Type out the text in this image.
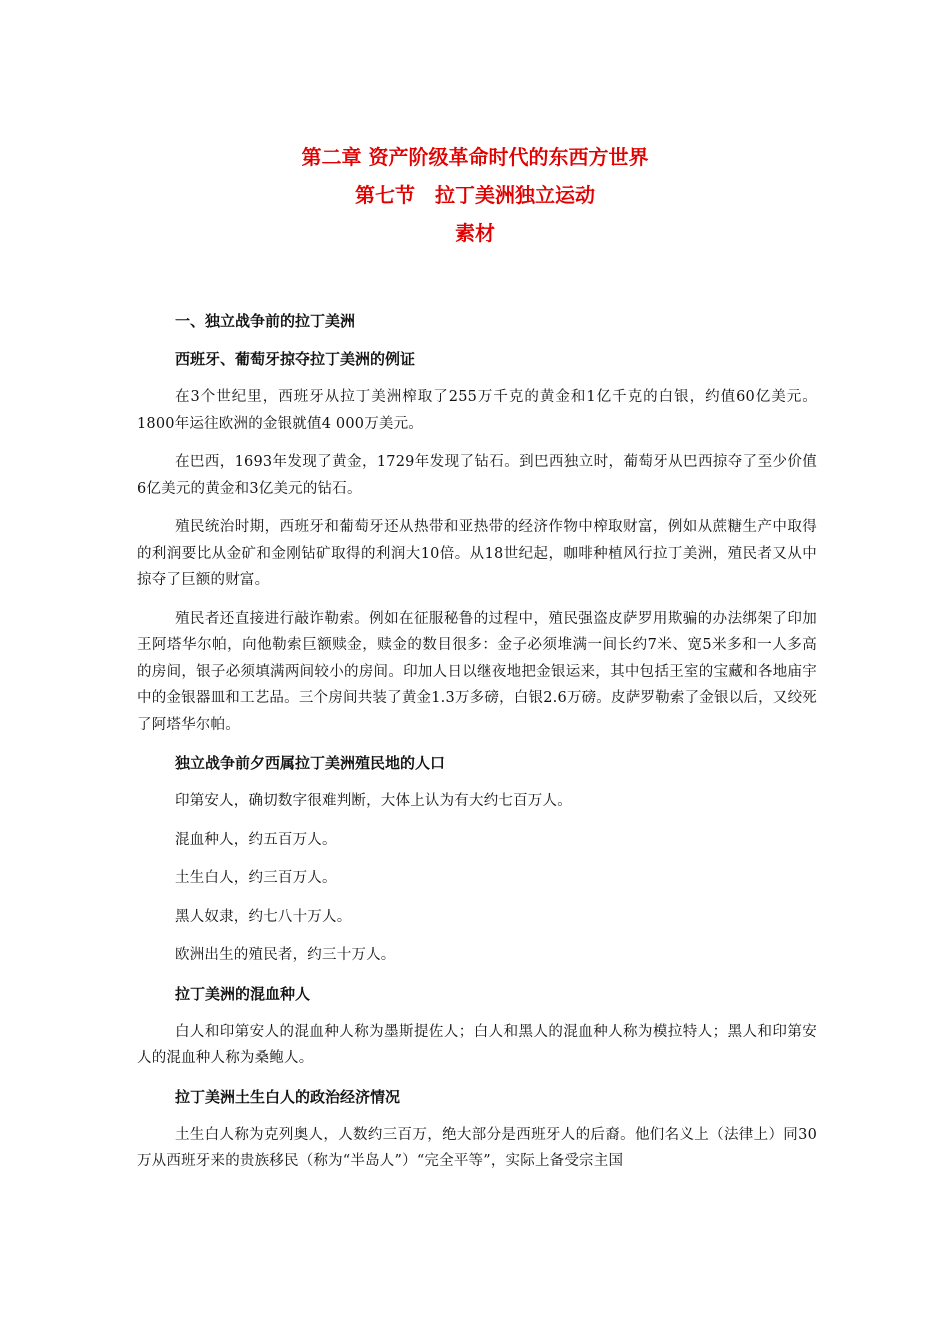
第二章 资产阶级革命时代的东西方世界
第七节　拉丁美洲独立运动
素材
一、独立战争前的拉丁美洲
西班牙、葡萄牙掠夺拉丁美洲的例证

在3个世纪里，西班牙从拉丁美洲榨取了255万千克的黄金和1亿千克的白银，约值60亿美元。1800年运往欧洲的金银就值4 000万美元。

在巴西，1693年发现了黄金，1729年发现了钻石。到巴西独立时，葡萄牙从巴西掠夺了至少价值6亿美元的黄金和3亿美元的钻石。

殖民统治时期，西班牙和葡萄牙还从热带和亚热带的经济作物中榨取财富，例如从蔗糖生产中取得的利润要比从金矿和金刚钻矿取得的利润大10倍。从18世纪起，咖啡种植风行拉丁美洲，殖民者又从中掠夺了巨额的财富。

殖民者还直接进行敲诈勒索。例如在征服秘鲁的过程中，殖民强盗皮萨罗用欺骗的办法绑架了印加王阿塔华尔帕，向他勒索巨额赎金，赎金的数目很多：金子必须堆满一间长约7米、宽5米多和一人多高的房间，银子必须填满两间较小的房间。印加人日以继夜地把金银运来，其中包括王室的宝藏和各地庙宇中的金银器皿和工艺品。三个房间共装了黄金1.3万多磅，白银2.6万磅。皮萨罗勒索了金银以后，又绞死了阿塔华尔帕。

独立战争前夕西属拉丁美洲殖民地的人口

印第安人，确切数字很难判断，大体上认为有大约七百万人。

混血种人，约五百万人。

土生白人，约三百万人。

黑人奴隶，约七八十万人。

欧洲出生的殖民者，约三十万人。

拉丁美洲的混血种人

白人和印第安人的混血种人称为墨斯提佐人；白人和黑人的混血种人称为模拉特人；黑人和印第安人的混血种人称为桑鲍人。

拉丁美洲土生白人的政治经济情况

土生白人称为克列奥人，人数约三百万，绝大部分是西班牙人的后裔。他们名义上（法律上）同30万从西班牙来的贵族移民（称为“半岛人”）“完全平等”，实际上备受宗主国
